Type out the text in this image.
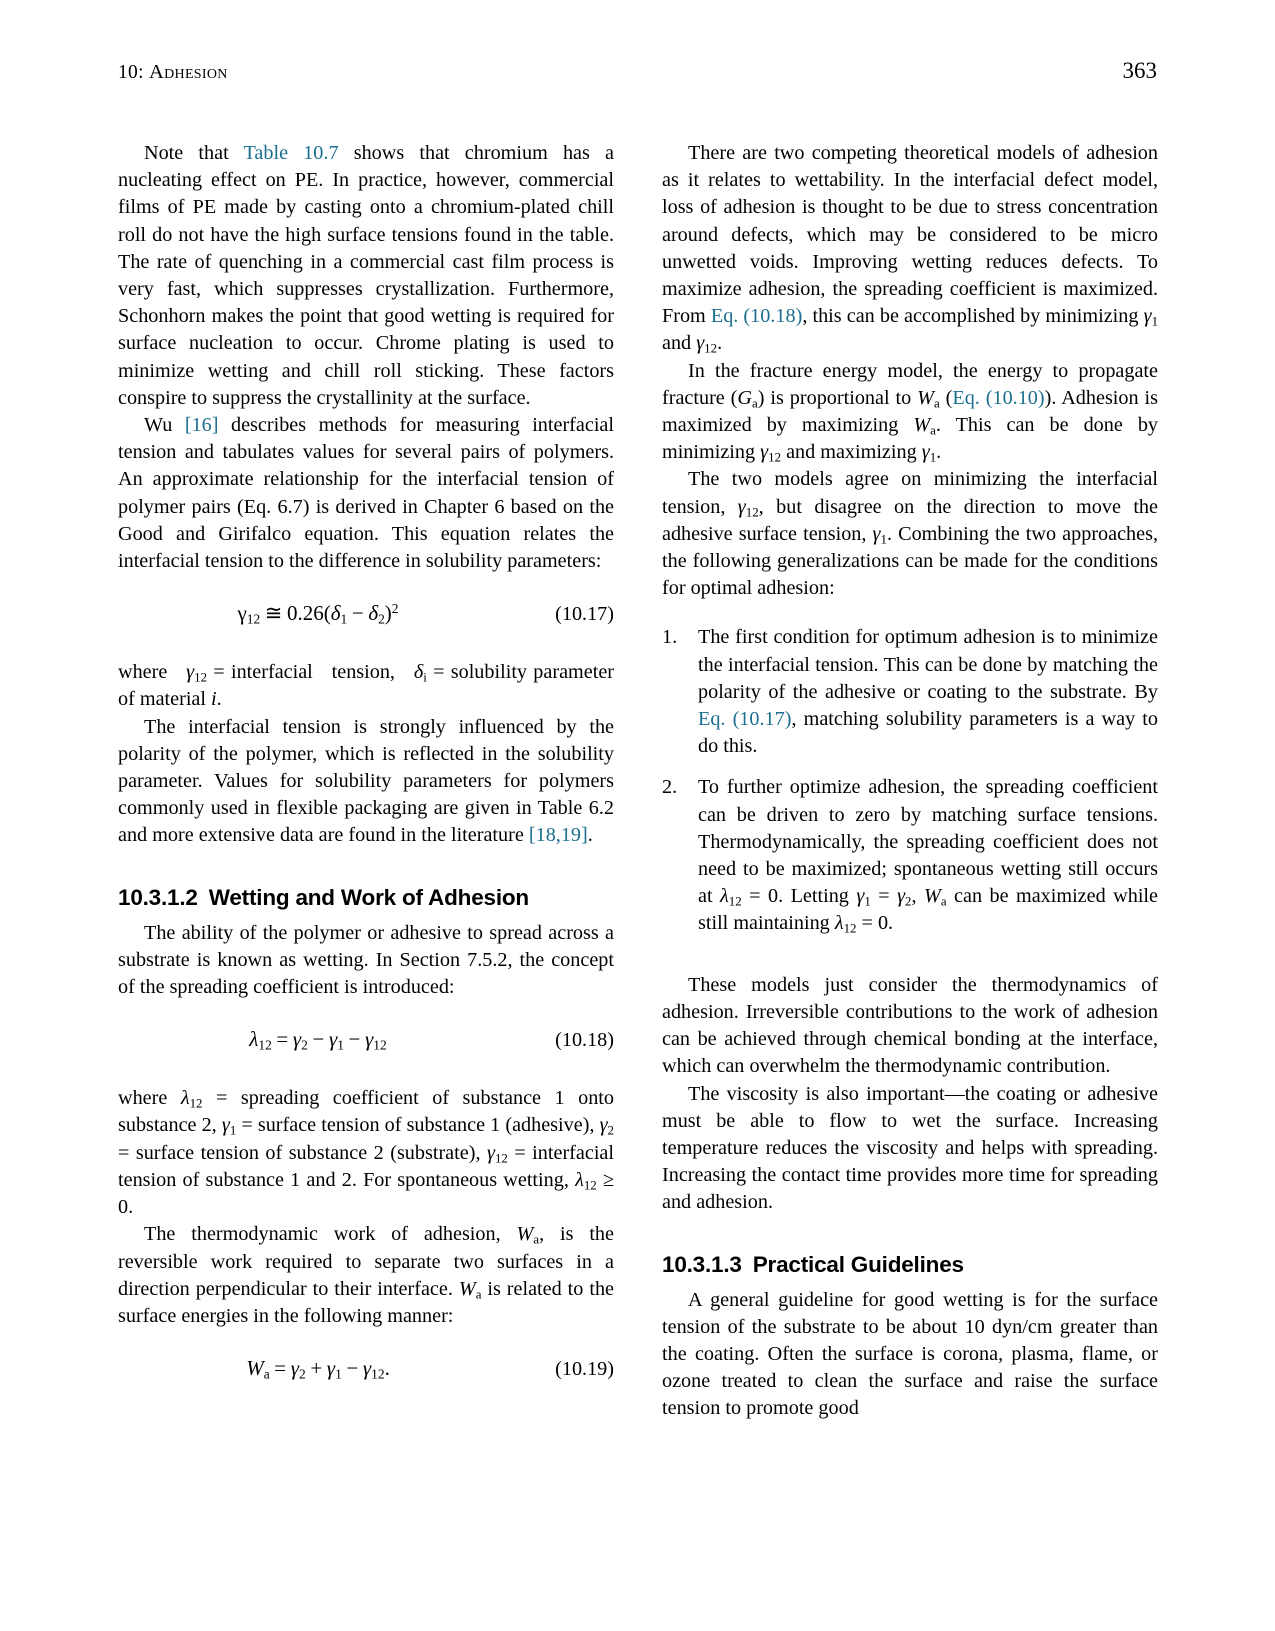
10: Adhesion	363

Note that Table 10.7 shows that chromium has a nucleating effect on PE. In practice, however, commercial films of PE made by casting onto a chromium-plated chill roll do not have the high surface tensions found in the table. The rate of quenching in a commercial cast film process is very fast, which suppresses crystallization. Furthermore, Schonhorn makes the point that good wetting is required for surface nucleation to occur. Chrome plating is used to minimize wetting and chill roll sticking. These factors conspire to suppress the crystallinity at the surface.

Wu [16] describes methods for measuring interfacial tension and tabulates values for several pairs of polymers. An approximate relationship for the interfacial tension of polymer pairs (Eq. 6.7) is derived in Chapter 6 based on the Good and Girifalco equation. This equation relates the interfacial tension to the difference in solubility parameters:

$\gamma_{12}$ ≅ $0.26(\delta_1 - \delta_2)^2$	(10.17)

where   $\gamma_{12}$ = interfacial   tension,   $\delta_i$ = solubility parameter of material i.

The interfacial tension is strongly influenced by the polarity of the polymer, which is reflected in the solubility parameter. Values for solubility parameters for polymers commonly used in flexible packaging are given in Table 6.2 and more extensive data are found in the literature [18,19].

10.3.1.2 Wetting and Work of Adhesion

The ability of the polymer or adhesive to spread across a substrate is known as wetting. In Section 7.5.2, the concept of the spreading coefficient is introduced:

$\lambda_{12} = \gamma_2 - \gamma_1 - \gamma_{12}$	(10.18)

where $\lambda_{12}$ = spreading coefficient of substance 1 onto substance 2, $\gamma_1$ = surface tension of substance 1 (adhesive), $\gamma_2$ = surface tension of substance 2 (substrate), $\gamma_{12}$ = interfacial tension of substance 1 and 2. For spontaneous wetting, $\lambda_{12} \ge 0$.

The thermodynamic work of adhesion, $W_a$, is the reversible work required to separate two surfaces in a direction perpendicular to their interface. $W_a$ is related to the surface energies in the following manner:

$W_a = \gamma_2 + \gamma_1 - \gamma_{12}$.	(10.19)

There are two competing theoretical models of adhesion as it relates to wettability. In the interfacial defect model, loss of adhesion is thought to be due to stress concentration around defects, which may be considered to be micro unwetted voids. Improving wetting reduces defects. To maximize adhesion, the spreading coefficient is maximized. From Eq. (10.18), this can be accomplished by minimizing $\gamma_1$ and $\gamma_{12}$.

In the fracture energy model, the energy to propagate fracture $(G_a)$ is proportional to $W_a$ (Eq. (10.10)). Adhesion is maximized by maximizing $W_a$. This can be done by minimizing $\gamma_{12}$ and maximizing $\gamma_1$.

The two models agree on minimizing the interfacial tension, $\gamma_{12}$, but disagree on the direction to move the adhesive surface tension, $\gamma_1$. Combining the two approaches, the following generalizations can be made for the conditions for optimal adhesion:

1.	The first condition for optimum adhesion is to minimize the interfacial tension. This can be done by matching the polarity of the adhesive or coating to the substrate. By Eq. (10.17), matching solubility parameters is a way to do this.
2.	To further optimize adhesion, the spreading coefficient can be driven to zero by matching surface tensions. Thermodynamically, the spreading coefficient does not need to be maximized; spontaneous wetting still occurs at $\lambda_{12} = 0$. Letting $\gamma_1 = \gamma_2$, $W_a$ can be maximized while still maintaining $\lambda_{12} = 0$.

These models just consider the thermodynamics of adhesion. Irreversible contributions to the work of adhesion can be achieved through chemical bonding at the interface, which can overwhelm the thermodynamic contribution.

The viscosity is also important—the coating or adhesive must be able to flow to wet the surface. Increasing temperature reduces the viscosity and helps with spreading. Increasing the contact time provides more time for spreading and adhesion.

10.3.1.3 Practical Guidelines

A general guideline for good wetting is for the surface tension of the substrate to be about 10 dyn/cm greater than the coating. Often the surface is corona, plasma, flame, or ozone treated to clean the surface and raise the surface tension to promote good
